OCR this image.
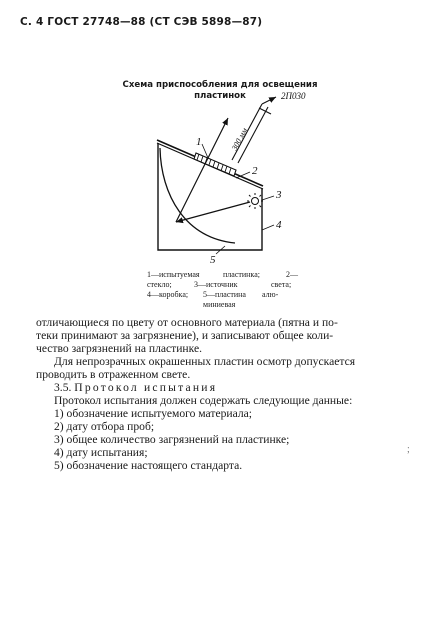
С. 4 ГОСТ 27748—88 (СТ СЭВ 5898—87)
Схема приспособления для освещения
пластинок
300 мм
2П030
1
2
3
4
5
1—испытуемая	пластинка;	2—
стекло;	3—источник	света;
4—коробка; 5—пластина алю-
миниевая
отличающиеся по цвету от основного материала (пятна и по-
теки принимают за загрязнение), и записывают общее коли-
чество загрязнений на пластинке.
Для непрозрачных окрашенных пластин осмотр допускается
проводить в отраженном свете.
3.5. Протокол испытания
Протокол испытания должен содержать следующие данные:
1) обозначение испытуемого материала;
2) дату отбора проб;
3) общее количество загрязнений на пластинке;
4) дату испытания;
5) обозначение настоящего стандарта.
;
